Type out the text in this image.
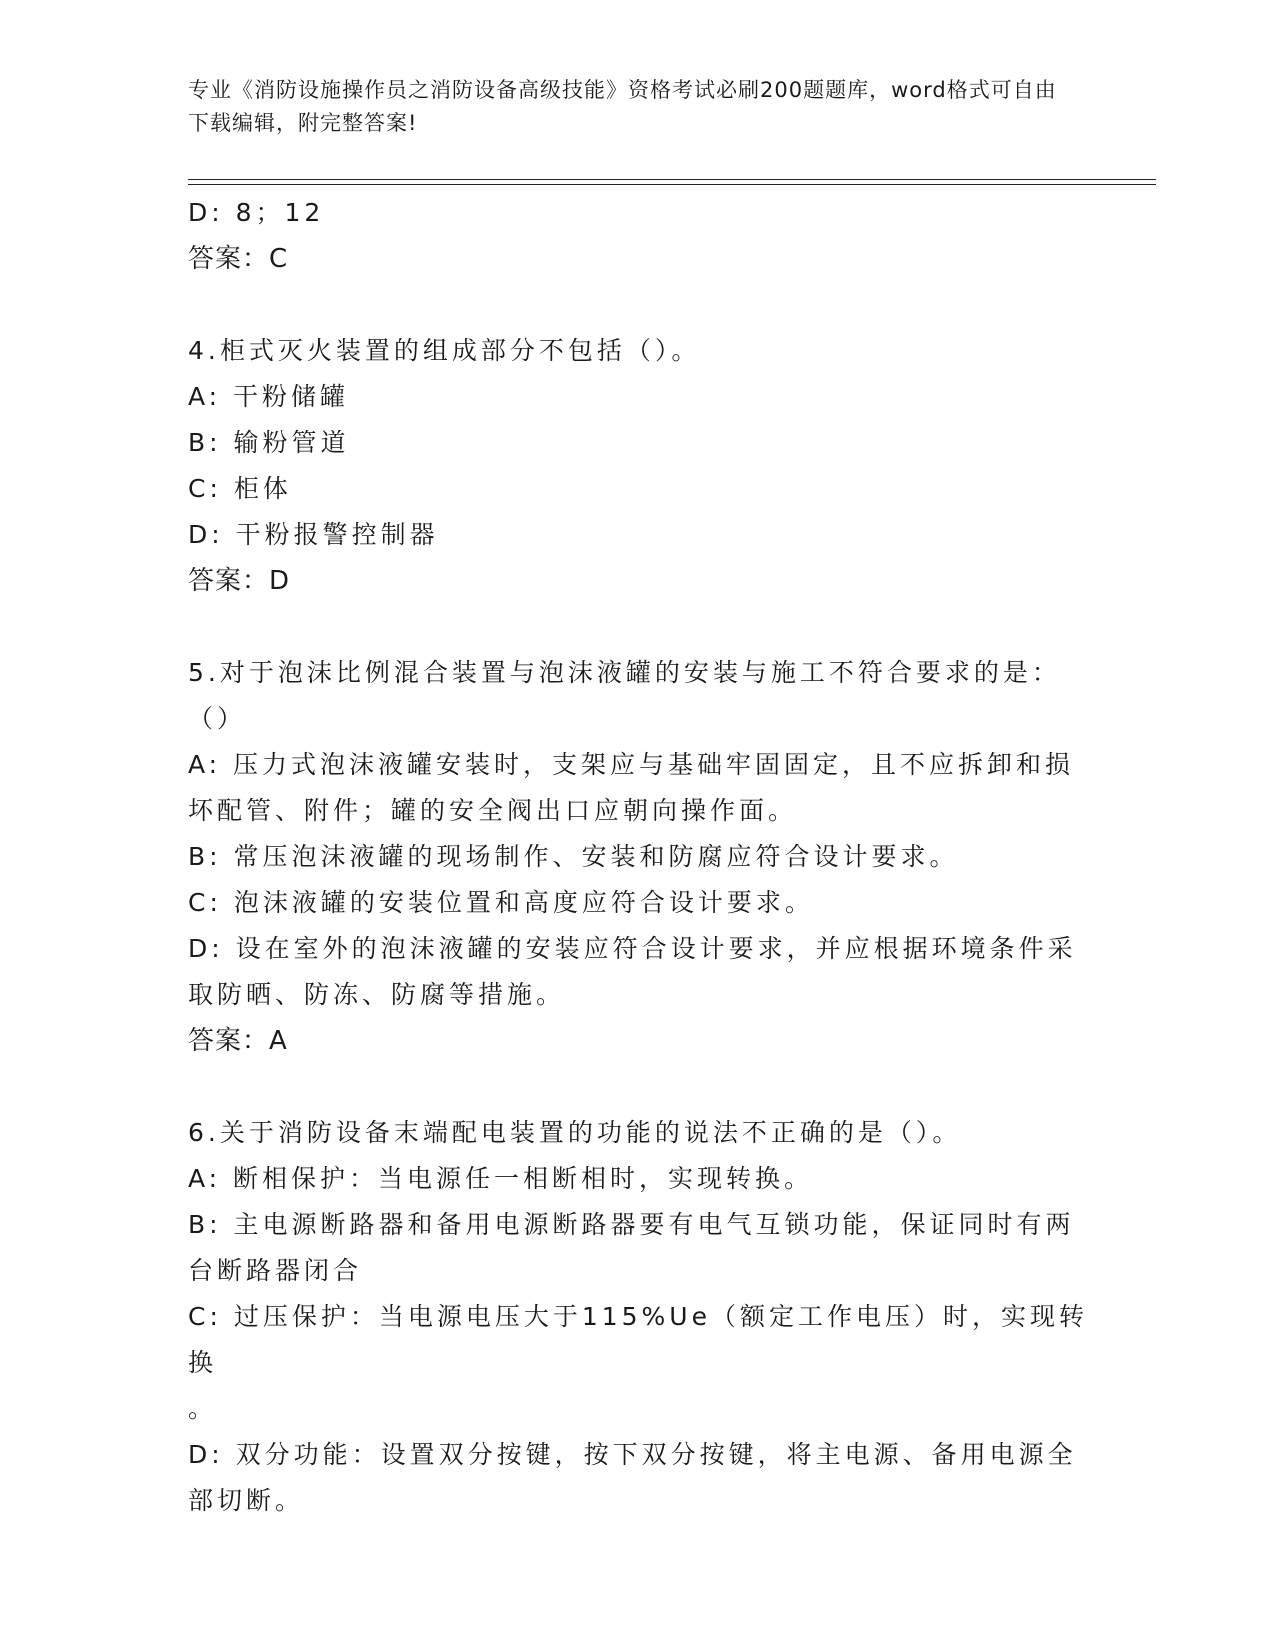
专业《消防设施操作员之消防设备高级技能》资格考试必刷200题题库，word格式可自由下载编辑，附完整答案!
D: 8；12
答案：C
4.柜式灭火装置的组成部分不包括（）。
A: 干粉储罐
B: 输粉管道
C: 柜体
D: 干粉报警控制器
答案：D
5.对于泡沫比例混合装置与泡沫液罐的安装与施工不符合要求的是：
（）
A: 压力式泡沫液罐安装时，支架应与基础牢固固定，且不应拆卸和损
坏配管、附件；罐的安全阀出口应朝向操作面。
B: 常压泡沫液罐的现场制作、安装和防腐应符合设计要求。
C: 泡沫液罐的安装位置和高度应符合设计要求。
D: 设在室外的泡沫液罐的安装应符合设计要求，并应根据环境条件采
取防晒、防冻、防腐等措施。
答案：A
6.关于消防设备末端配电装置的功能的说法不正确的是（）。
A: 断相保护：当电源任一相断相时，实现转换。
B: 主电源断路器和备用电源断路器要有电气互锁功能，保证同时有两
台断路器闭合
C: 过压保护：当电源电压大于115%Ue（额定工作电压）时，实现转换
。
D: 双分功能：设置双分按键，按下双分按键，将主电源、备用电源全
部切断。
